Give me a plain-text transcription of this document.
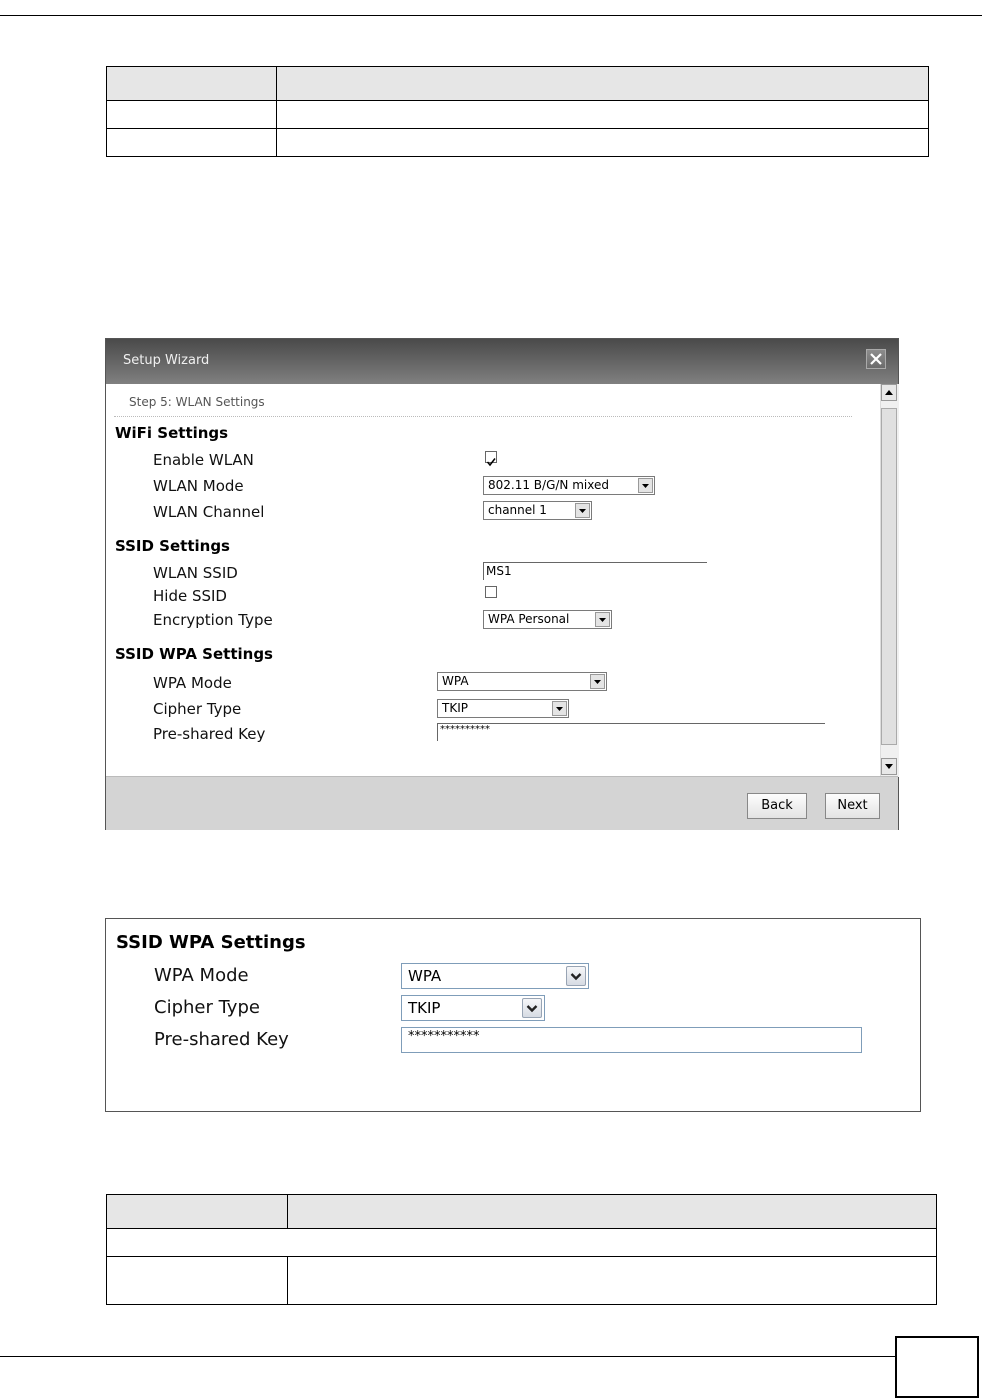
Setup Wizard
Step 5: WLAN Settings
WiFi Settings
Enable WLAN
WLAN Mode	802.11 B/G/N mixed
WLAN Channel	channel 1
SSID Settings
WLAN SSID	MS1
Hide SSID
Encryption Type	WPA Personal
SSID WPA Settings
WPA Mode	WPA
Cipher Type	TKIP
Pre-shared Key	**********
Back	Next
SSID WPA Settings
WPA Mode	WPA
Cipher Type	TKIP
Pre-shared Key	***********
